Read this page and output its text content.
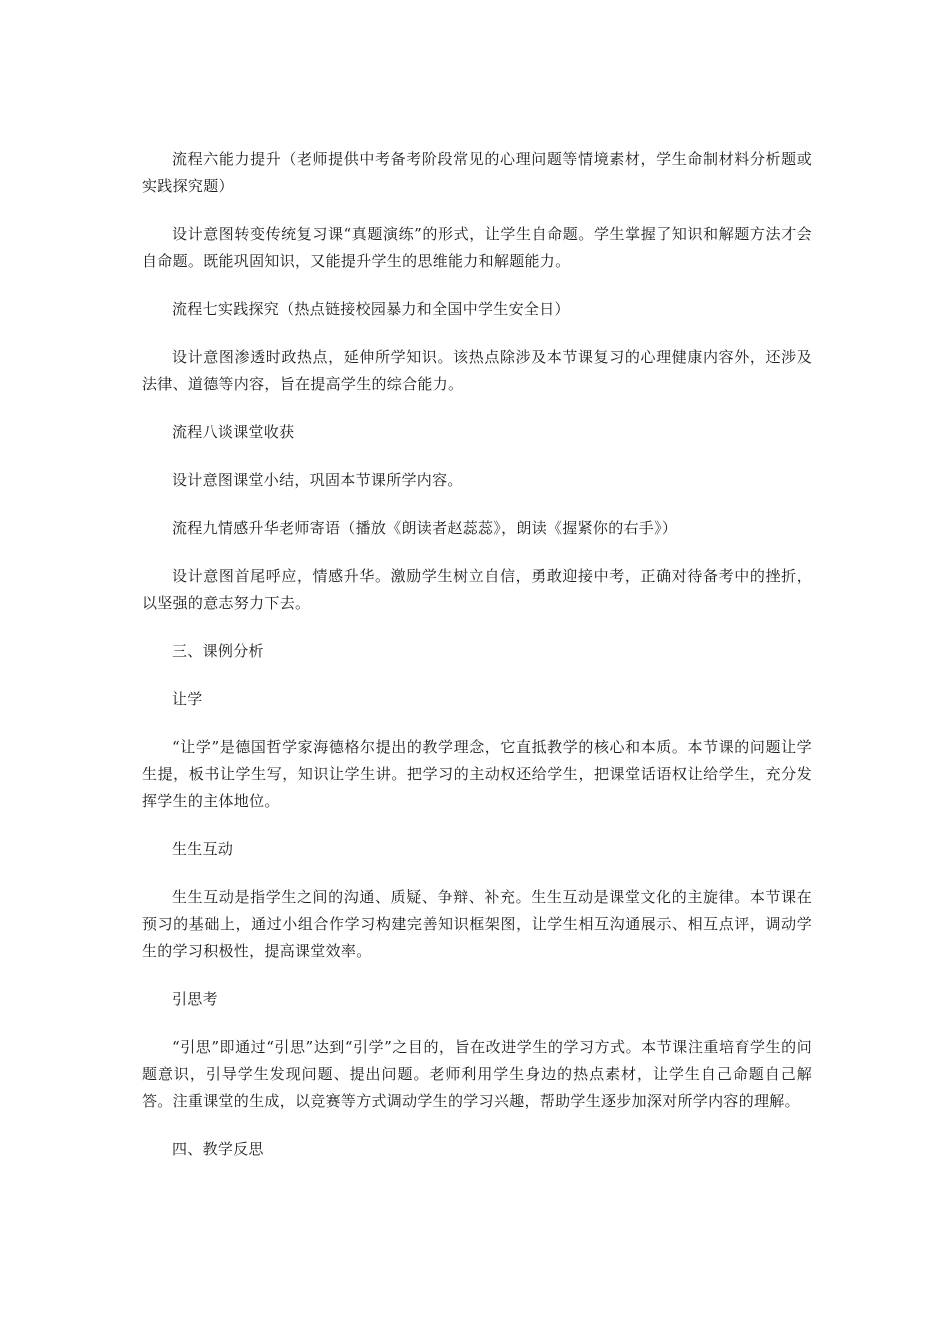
流程六能力提升（老师提供中考备考阶段常见的心理问题等情境素材，学生命制材料分析题或实践探究题）

设计意图转变传统复习课“真题演练”的形式，让学生自命题。学生掌握了知识和解题方法才会自命题。既能巩固知识，又能提升学生的思维能力和解题能力。

流程七实践探究（热点链接校园暴力和全国中学生安全日）

设计意图渗透时政热点，延伸所学知识。该热点除涉及本节课复习的心理健康内容外，还涉及法律、道德等内容，旨在提高学生的综合能力。

流程八谈课堂收获

设计意图课堂小结，巩固本节课所学内容。

流程九情感升华老师寄语（播放《朗读者赵蕊蕊》，朗读《握紧你的右手》）

设计意图首尾呼应，情感升华。激励学生树立自信，勇敢迎接中考，正确对待备考中的挫折，以坚强的意志努力下去。

三、课例分析

让学

“让学”是德国哲学家海德格尔提出的教学理念，它直抵教学的核心和本质。本节课的问题让学生提，板书让学生写，知识让学生讲。把学习的主动权还给学生，把课堂话语权让给学生，充分发挥学生的主体地位。

生生互动

生生互动是指学生之间的沟通、质疑、争辩、补充。生生互动是课堂文化的主旋律。本节课在预习的基础上，通过小组合作学习构建完善知识框架图，让学生相互沟通展示、相互点评，调动学生的学习积极性，提高课堂效率。

引思考

“引思”即通过“引思”达到“引学”之目的，旨在改进学生的学习方式。本节课注重培育学生的问题意识，引导学生发现问题、提出问题。老师利用学生身边的热点素材，让学生自己命题自己解答。注重课堂的生成，以竞赛等方式调动学生的学习兴趣，帮助学生逐步加深对所学内容的理解。

四、教学反思
